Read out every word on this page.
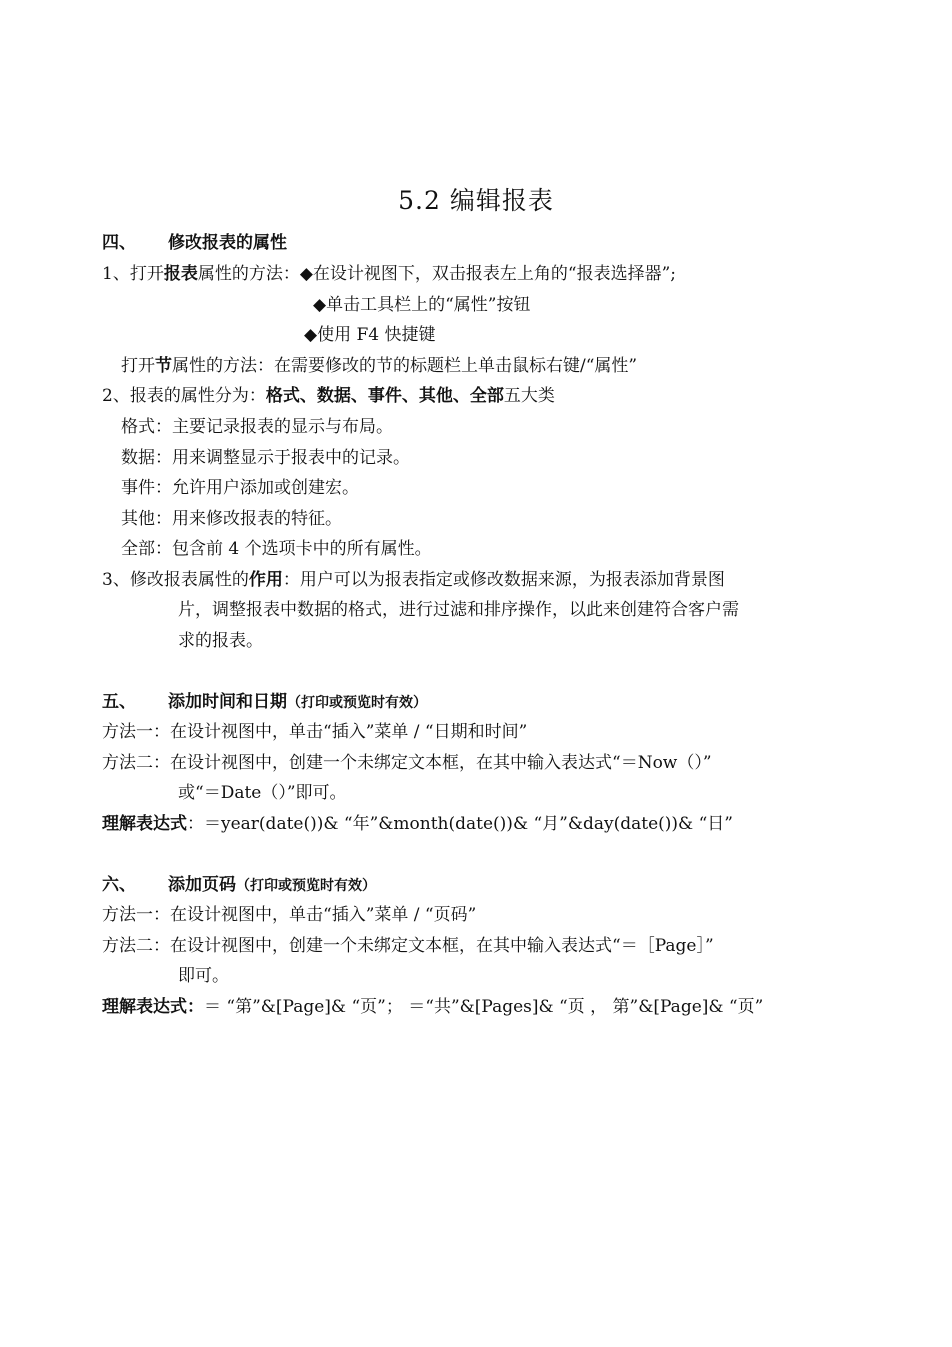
5.2 编辑报表
四、 修改报表的属性
1、打开报表属性的方法：◆在设计视图下，双击报表左上角的“报表选择器”;
◆单击工具栏上的“属性”按钮
◆使用 F4 快捷键
打开节属性的方法：在需要修改的节的标题栏上单击鼠标右键/“属性”
2、报表的属性分为：格式、数据、事件、其他、全部五大类
格式：主要记录报表的显示与布局。
数据：用来调整显示于报表中的记录。
事件：允许用户添加或创建宏。
其他：用来修改报表的特征。
全部：包含前 4 个选项卡中的所有属性。
3、修改报表属性的作用：用户可以为报表指定或修改数据来源，为报表添加背景图
片，调整报表中数据的格式，进行过滤和排序操作，以此来创建符合客户需
求的报表。
五、 添加时间和日期（打印或预览时有效）
方法一：在设计视图中，单击“插入”菜单 / “日期和时间”
方法二：在设计视图中，创建一个未绑定文本框，在其中输入表达式“＝Now（）”
或“＝Date（）”即可。
理解表达式：＝year(date())& “年”&month(date())& “月”&day(date())& “日”
六、 添加页码（打印或预览时有效）
方法一：在设计视图中，单击“插入”菜单 / “页码”
方法二：在设计视图中，创建一个未绑定文本框，在其中输入表达式“＝［Page］”
即可。
理解表达式：＝ “第”&[Page]& “页”； ＝“共”&[Pages]& “页 ， 第”&[Page]& “页”
